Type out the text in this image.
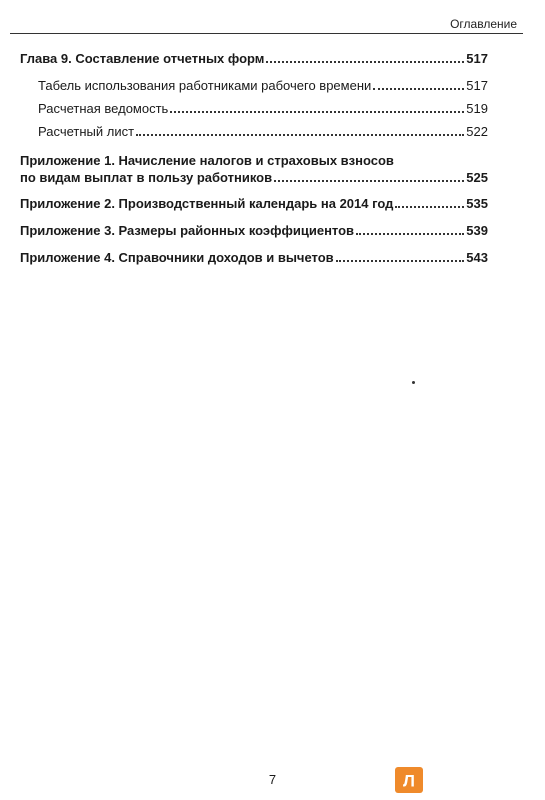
Оглавление
Глава 9. Составление отчетных форм	517
Табель использования работниками рабочего времени	517
Расчетная ведомость	519
Расчетный лист	522
Приложение 1. Начисление налогов и страховых взносов
по видам выплат в пользу работников	525
Приложение 2. Производственный календарь на 2014 год	535
Приложение 3. Размеры районных коэффициентов	539
Приложение 4. Справочники доходов и вычетов	543
7	Л
